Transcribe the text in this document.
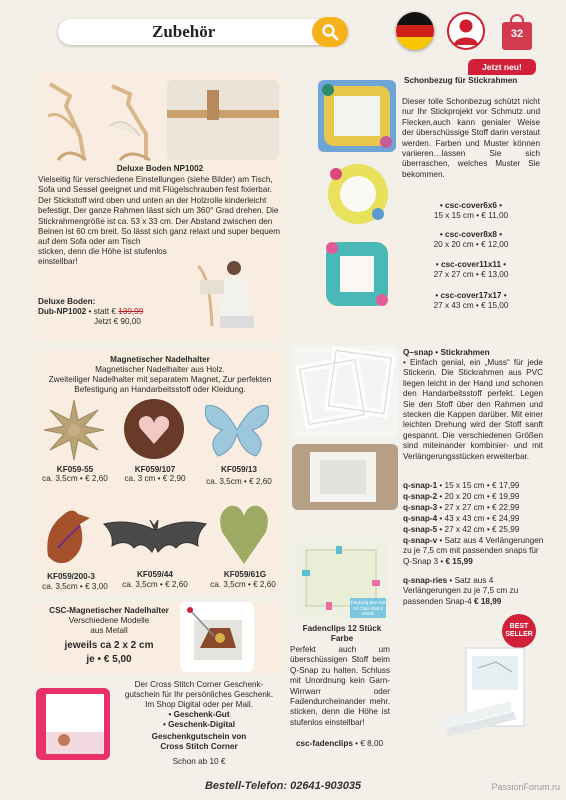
Zubehör	32
Deluxe Boden NP1002
Vielseitig für verschiedene Einstellungen (siehe Bilder) am Tisch, Sofa und Sessel geeignet und mit Flügelschrauben fest fixierbar. Der Stickstoff wird oben und unten an der Holzrolle kinderleicht befestigt. Der ganze Rahmen lässt sich um 360° Grad drehen. Die Stickrahmengröße ist ca. 53 x 33 cm. Der Abstand zwischen den Beinen ist 60 cm breit. So lässt sich ganz relaxt und super bequem auf dem Sofa oder am Tisch
sticken, denn die Höhe ist stufenlos einstellbar!
Deluxe Boden:
Dub-NP1002 • statt € 139,99
Jetzt € 90,00
Jetzt neu!
Schonbezug für Stickrahmen
Dieser tolle Schonbezug schützt nicht nur Ihr Stickprojekt vor Schmutz und Flecken,auch kann genialer Weise der überschüssige Stoff darin verstaut werden. Farben und Muster können variieren…lassen Sie sich überraschen, welches Muster Sie bekommen.
• csc-cover6x6 •
15 x 15 cm • € 11,00
• csc-cover8x8 •
20 x 20 cm • € 12,00
• csc-cover11x11 •
27 x 27 cm • € 13,00
• csc-cover17x17 •
27 x 43 cm • € 15,00
Magnetischer Nadelhalter
Magnetischer Nadelhalter aus Holz.
Zweiteiliger Nadelhalter mit separatem Magnet, Zur perfekten Befestigung an Handarbeitsstoff oder Kleidung.
KF059-55
ca. 3,5cm • € 2,60
KF059/107
ca. 3 cm • € 2,90
KF059/13
ca. 3,5cm • € 2,60
KF059/200-3
ca. 3,5cm • € 3,00
KF059/44
ca. 3,5cm • € 2,60
KF059/61G
ca. 3,5cm • € 2,60
CSC-Magnetischer Nadelhalter
Verschiedene Modelle
aus Metall
jeweils ca 2 x 2 cm
je • € 5,00
Q–snap • Stickrahmen
• Einfach genial, ein „Muss“ für jede Stickerin. Die Stickrahmen aus PVC liegen leicht in der Hand und schonen den Handarbeitsstoff perfekt. Legen Sie den Stoff über den Rahmen und stecken die Kappen darüber. Mit einer leichten Drehung wird der Stoff sanft gespannt. Die verschiedenen Größen sind miteinander kombinier- und mit Verlängerungsstücken erweiterbar.
q-snap-1 • 15 x 15 cm • € 17,99
q-snap-2 • 20 x 20 cm • € 19,99
q-snap-3 • 27 x 27 cm • € 22,99
q-snap-4 • 43 x 43 cm • € 24,99
q-snap-5 • 27 x 42 cm • € 25,99
q-snap-v • Satz aus 4 Verlängerungen zu je 7,5 cm mit passenden snaps für Q-Snap 3 • € 15,99
q-snap-ries • Satz aus 4 Verlängerungen zu je 7,5 cm zu passenden Snap-4 € 18,99
BEST SELLER
Packung jetzt mit 12 Clips statt 8 Stück!
Fadenclips 12 Stück Farbe
Perfekt auch um überschüssigen Stoff beim Q-Snap zu halten. Schluss mit Unordnung kein Garn-Wirrwarr oder Fadendurcheinander mehr. sticken, denn die Höhe ist stufenlos einstellbar!
csc-fadenclips • € 8,00
Der Cross Stitch Corner Geschenk-
gutschein für Ihr persönliches Geschenk.
Im Shop Digital oder per Mail.
• Geschenk-Gut
• Geschenk-Digital
Geschenkgutschein von
Cross Stitch Corner
Schon ab 10 €
Bestell-Telefon: 02641-903035	PassionForum.ru
